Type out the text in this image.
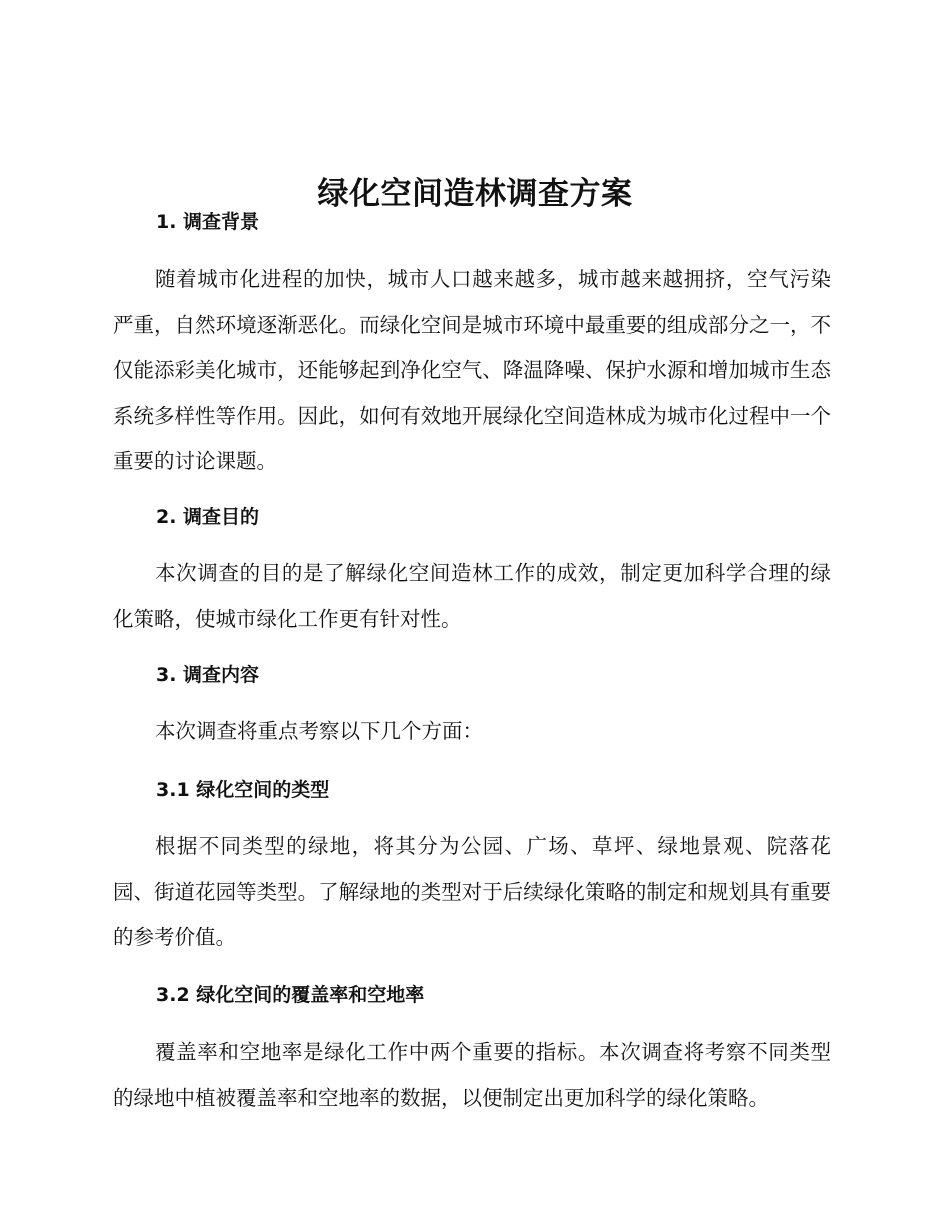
绿化空间造林调查方案
1. 调查背景

随着城市化进程的加快，城市人口越来越多，城市越来越拥挤，空气污染严重，自然环境逐渐恶化。而绿化空间是城市环境中最重要的组成部分之一，不仅能添彩美化城市，还能够起到净化空气、降温降噪、保护水源和增加城市生态系统多样性等作用。因此，如何有效地开展绿化空间造林成为城市化过程中一个重要的讨论课题。

2. 调查目的

本次调查的目的是了解绿化空间造林工作的成效，制定更加科学合理的绿化策略，使城市绿化工作更有针对性。

3. 调查内容

本次调查将重点考察以下几个方面：

3.1 绿化空间的类型

根据不同类型的绿地，将其分为公园、广场、草坪、绿地景观、院落花园、街道花园等类型。了解绿地的类型对于后续绿化策略的制定和规划具有重要的参考价值。

3.2 绿化空间的覆盖率和空地率

覆盖率和空地率是绿化工作中两个重要的指标。本次调查将考察不同类型的绿地中植被覆盖率和空地率的数据，以便制定出更加科学的绿化策略。
